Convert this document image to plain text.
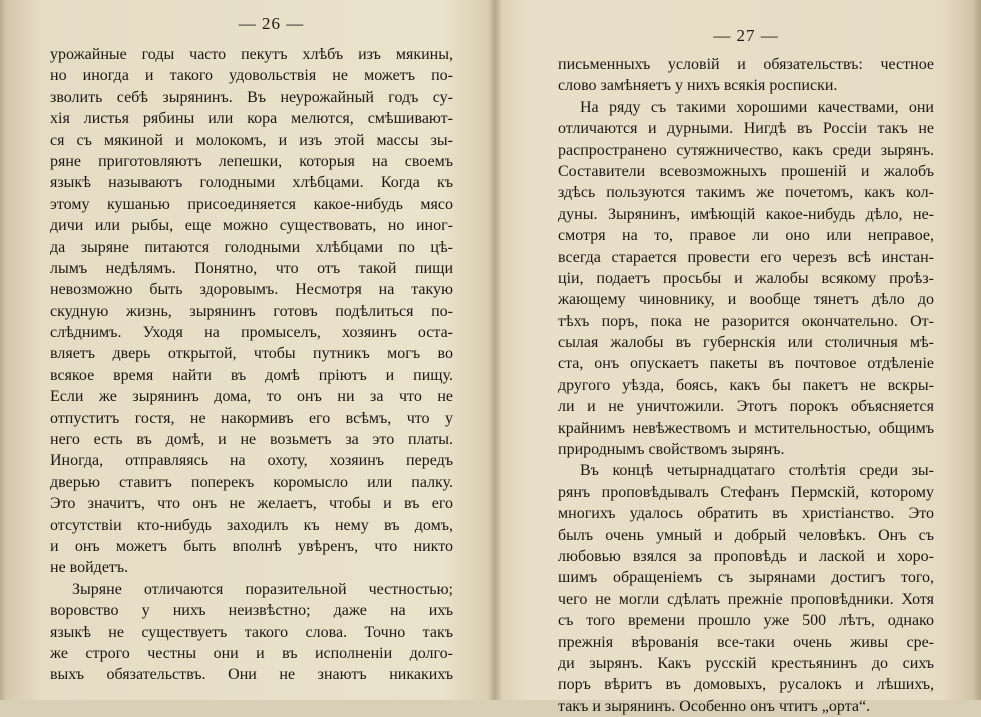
— 26 —
урожайные годы часто пекутъ хлѣбъ изъ мякины,
но иногда и такого удовольствія не можетъ по-
зволить себѣ зырянинъ. Въ неурожайный годъ су-
хія листья рябины или кора мелются, смѣшивают-
ся съ мякиной и молокомъ, и изъ этой массы зы-
ряне приготовляютъ лепешки, которыя на своемъ
языкѣ называютъ голодными хлѣбцами. Когда къ
этому кушанью присоединяется какое-нибудь мясо
дичи или рыбы, еще можно существовать, но иног-
да зыряне питаются голодными хлѣбцами по цѣ-
лымъ недѣлямъ. Понятно, что отъ такой пищи
невозможно быть здоровымъ. Несмотря на такую
скудную жизнь, зырянинъ готовъ подѣлиться по-
слѣднимъ. Уходя на промыселъ, хозяинъ оста-
вляетъ дверь открытой, чтобы путникъ могъ во
всякое время найти въ домѣ пріютъ и пищу.
Если же зырянинъ дома, то онъ ни за что не
отпуститъ гостя, не накормивъ его всѣмъ, что у
него есть въ домѣ, и не возьметъ за это платы.
Иногда, отправляясь на охоту, хозяинъ передъ
дверью ставитъ поперекъ коромысло или палку.
Это значитъ, что онъ не желаетъ, чтобы и въ его
отсутствіи кто-нибудь заходилъ къ нему въ домъ,
и онъ можетъ быть вполнѣ увѣренъ, что никто
не войдетъ.
Зыряне отличаются поразительной честностью;
воровство у нихъ неизвѣстно; даже на ихъ
языкѣ не существуетъ такого слова. Точно такъ
же строго честны они и въ исполненіи долго-
выхъ обязательствъ. Они не знаютъ никакихъ
— 27 —
письменныхъ условій и обязательствъ: честное
слово замѣняетъ у нихъ всякія росписки.
На ряду съ такими хорошими качествами, они
отличаются и дурными. Нигдѣ въ Россіи такъ не
распространено сутяжничество, какъ среди зырянъ.
Составители всевозможныхъ прошеній и жалобъ
здѣсь пользуются такимъ же почетомъ, какъ кол-
дуны. Зырянинъ, имѣющій какое-нибудь дѣло, не-
смотря на то, правое ли оно или неправое,
всегда старается провести его черезъ всѣ инстан-
ціи, подаетъ просьбы и жалобы всякому проѣз-
жающему чиновнику, и вообще тянетъ дѣло до
тѣхъ поръ, пока не разорится окончательно. От-
сылая жалобы въ губернскія или столичныя мѣ-
ста, онъ опускаетъ пакеты въ почтовое отдѣленіе
другого уѣзда, боясь, какъ бы пакетъ не вскры-
ли и не уничтожили. Этотъ порокъ объясняется
крайнимъ невѣжествомъ и мстительностью, общимъ
природнымъ свойствомъ зырянъ.
Въ концѣ четырнадцатаго столѣтія среди зы-
рянъ проповѣдывалъ Стефанъ Пермскій, которому
многихъ удалось обратить въ христіанство. Это
былъ очень умный и добрый человѣкъ. Онъ съ
любовью взялся за проповѣдь и лаской и хоро-
шимъ обращеніемъ съ зырянами достигъ того,
чего не могли сдѣлать прежніе проповѣдники. Хотя
съ того времени прошло уже 500 лѣтъ, однако
прежнія вѣрованія все-таки очень живы сре-
ди зырянъ. Какъ русскій крестьянинъ до сихъ
поръ вѣритъ въ домовыхъ, русалокъ и лѣшихъ,
такъ и зырянинъ. Особенно онъ чтитъ „орта“.
